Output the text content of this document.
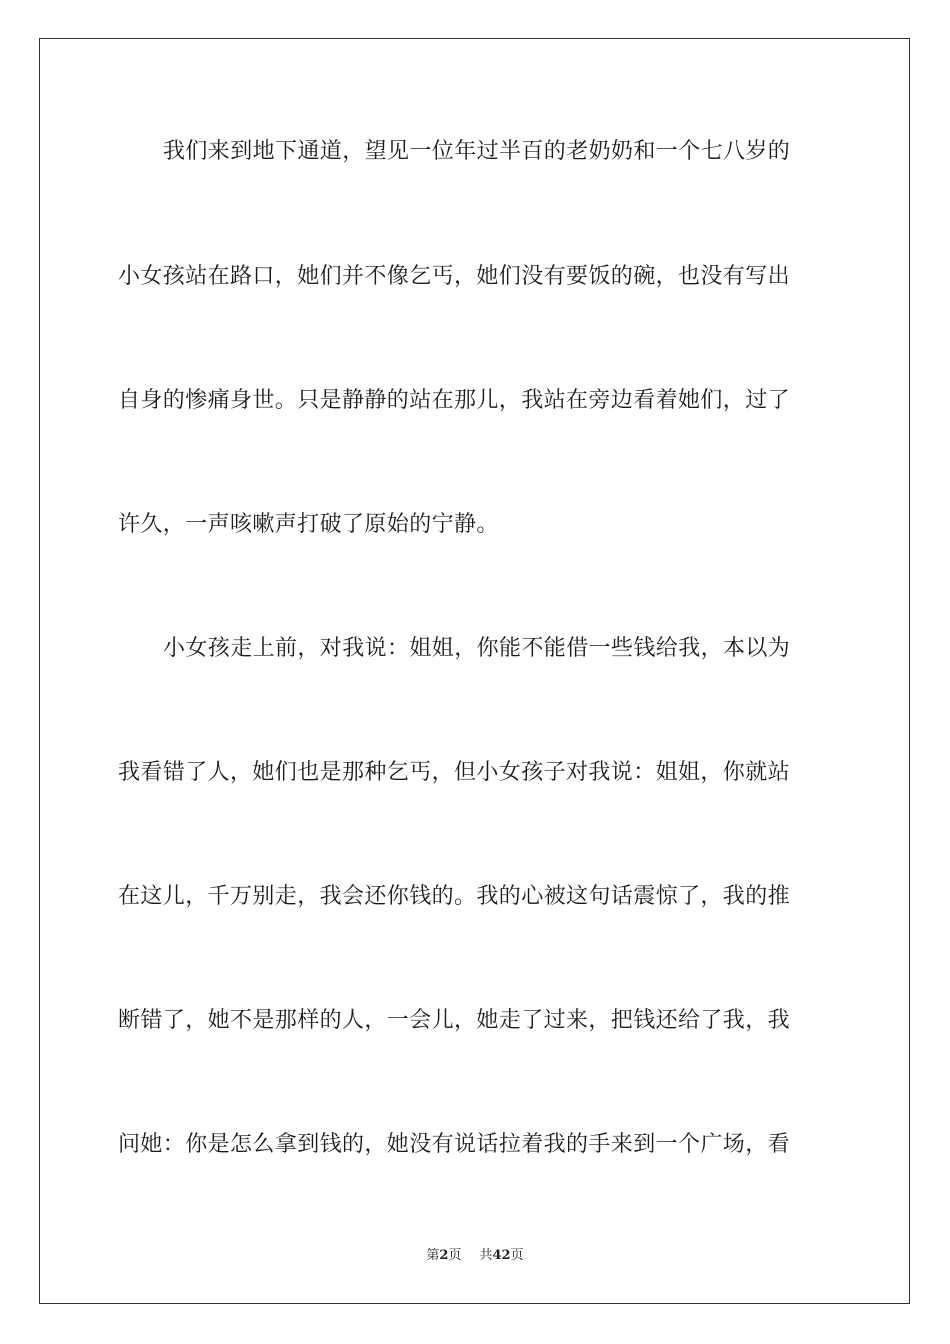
我们来到地下通道，望见一位年过半百的老奶奶和一个七八岁的
小女孩站在路口，她们并不像乞丐，她们没有要饭的碗，也没有写出
自身的惨痛身世。只是静静的站在那儿，我站在旁边看着她们，过了
许久，一声咳嗽声打破了原始的宁静。
小女孩走上前，对我说：姐姐，你能不能借一些钱给我，本以为
我看错了人，她们也是那种乞丐，但小女孩子对我说：姐姐，你就站
在这儿，千万别走，我会还你钱的。我的心被这句话震惊了，我的推
断错了，她不是那样的人，一会儿，她走了过来，把钱还给了我，我
问她：你是怎么拿到钱的，她没有说话拉着我的手来到一个广场，看
第2页 共42页
